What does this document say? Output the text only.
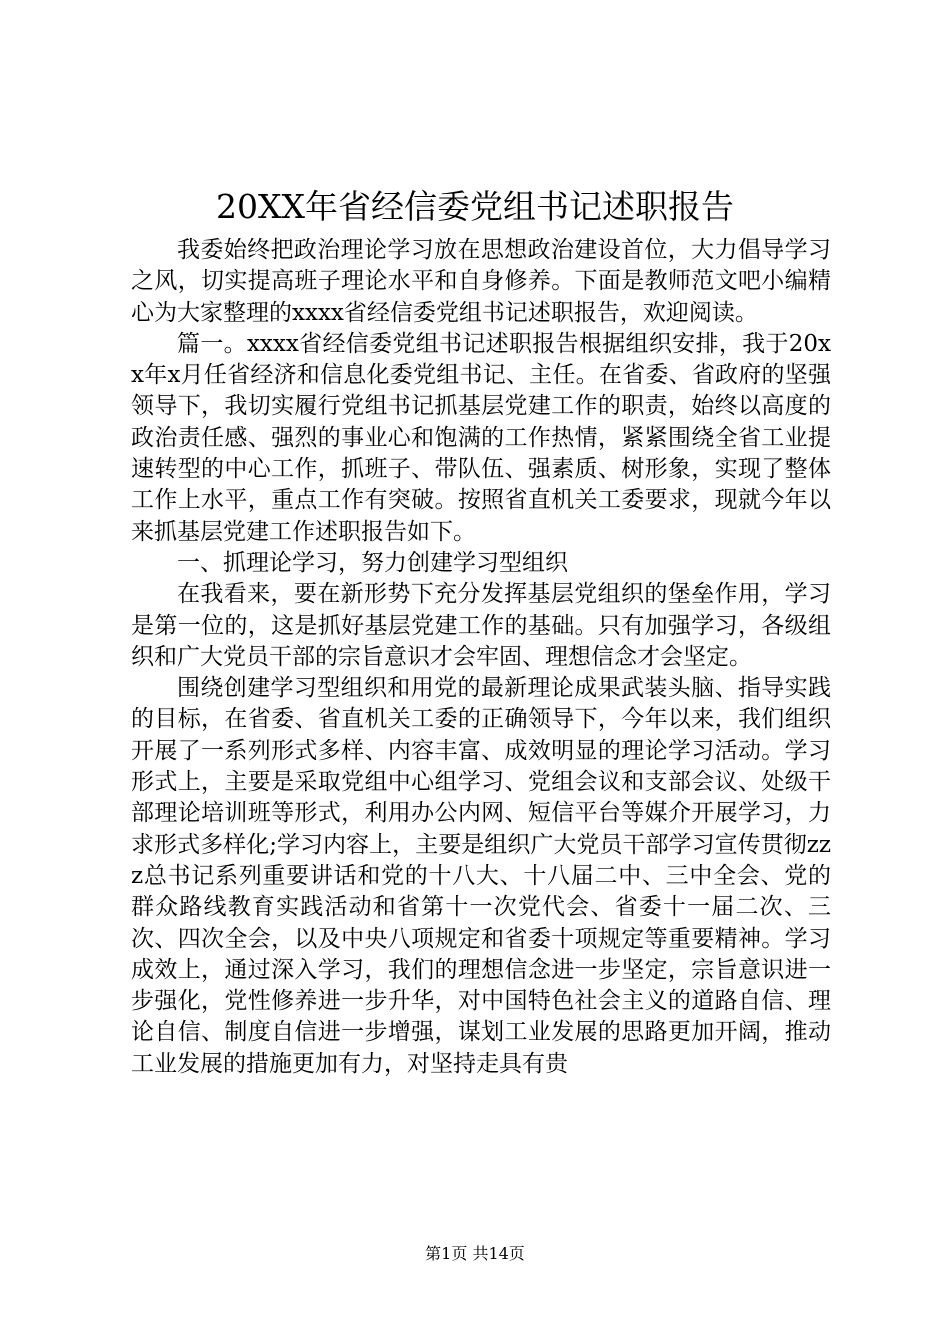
20XX年省经信委党组书记述职报告

我委始终把政治理论学习放在思想政治建设首位，大力倡导学习之风，切实提高班子理论水平和自身修养。下面是教师范文吧小编精心为大家整理的xxxx省经信委党组书记述职报告，欢迎阅读。

篇一。xxxx省经信委党组书记述职报告根据组织安排，我于20xx年x月任省经济和信息化委党组书记、主任。在省委、省政府的坚强领导下，我切实履行党组书记抓基层党建工作的职责，始终以高度的政治责任感、强烈的事业心和饱满的工作热情，紧紧围绕全省工业提速转型的中心工作，抓班子、带队伍、强素质、树形象，实现了整体工作上水平，重点工作有突破。按照省直机关工委要求，现就今年以来抓基层党建工作述职报告如下。

一、抓理论学习，努力创建学习型组织

在我看来，要在新形势下充分发挥基层党组织的堡垒作用，学习是第一位的，这是抓好基层党建工作的基础。只有加强学习，各级组织和广大党员干部的宗旨意识才会牢固、理想信念才会坚定。

围绕创建学习型组织和用党的最新理论成果武装头脑、指导实践的目标，在省委、省直机关工委的正确领导下，今年以来，我们组织开展了一系列形式多样、内容丰富、成效明显的理论学习活动。学习形式上，主要是采取党组中心组学习、党组会议和支部会议、处级干部理论培训班等形式，利用办公内网、短信平台等媒介开展学习，力求形式多样化;学习内容上，主要是组织广大党员干部学习宣传贯彻zzz总书记系列重要讲话和党的十八大、十八届二中、三中全会、党的群众路线教育实践活动和省第十一次党代会、省委十一届二次、三次、四次全会，以及中央八项规定和省委十项规定等重要精神。学习成效上，通过深入学习，我们的理想信念进一步坚定，宗旨意识进一步强化，党性修养进一步升华，对中国特色社会主义的道路自信、理论自信、制度自信进一步增强，谋划工业发展的思路更加开阔，推动工业发展的措施更加有力，对坚持走具有贵

第1页 共14页
